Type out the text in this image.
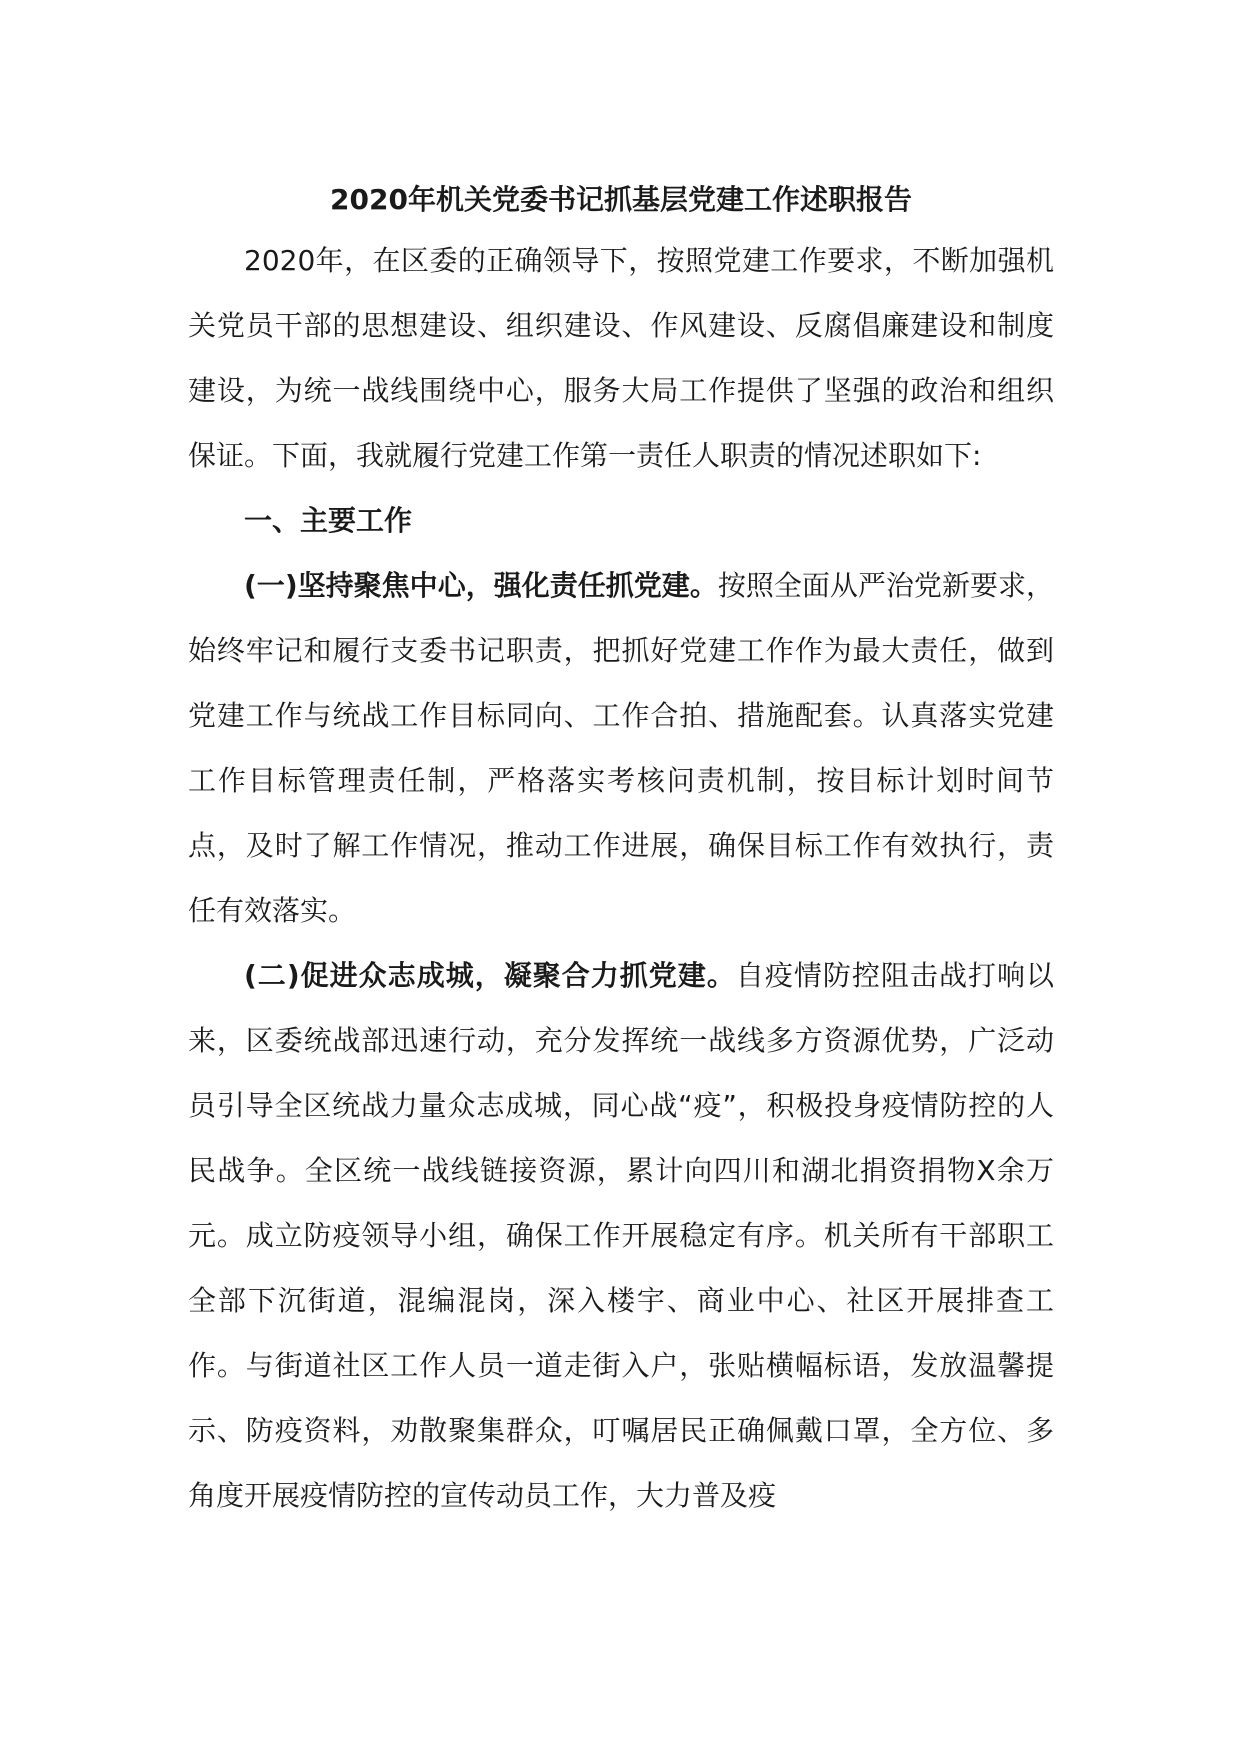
2020年机关党委书记抓基层党建工作述职报告

2020年，在区委的正确领导下，按照党建工作要求，不断加强机关党员干部的思想建设、组织建设、作风建设、反腐倡廉建设和制度建设，为统一战线围绕中心，服务大局工作提供了坚强的政治和组织保证。下面，我就履行党建工作第一责任人职责的情况述职如下:

一、主要工作

(一)坚持聚焦中心，强化责任抓党建。按照全面从严治党新要求，始终牢记和履行支委书记职责，把抓好党建工作作为最大责任，做到党建工作与统战工作目标同向、工作合拍、措施配套。认真落实党建工作目标管理责任制，严格落实考核问责机制，按目标计划时间节点，及时了解工作情况，推动工作进展，确保目标工作有效执行，责任有效落实。

(二)促进众志成城，凝聚合力抓党建。自疫情防控阻击战打响以来，区委统战部迅速行动，充分发挥统一战线多方资源优势，广泛动员引导全区统战力量众志成城，同心战“疫”，积极投身疫情防控的人民战争。全区统一战线链接资源，累计向四川和湖北捐资捐物X余万元。成立防疫领导小组，确保工作开展稳定有序。机关所有干部职工全部下沉街道，混编混岗，深入楼宇、商业中心、社区开展排查工作。与街道社区工作人员一道走街入户，张贴横幅标语，发放温馨提示、防疫资料，劝散聚集群众，叮嘱居民正确佩戴口罩，全方位、多角度开展疫情防控的宣传动员工作，大力普及疫
